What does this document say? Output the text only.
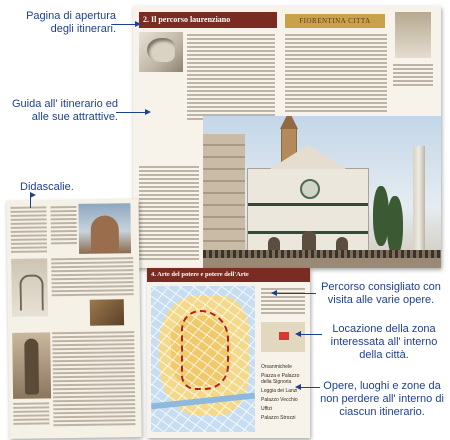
2. Il percorso laurenziano	FIORENTINA CITTA
4. Arte del potere e potere dell'Arte
Orsanmichele
Piazza e Palazzo della Signoria
Loggia dei Lanzi
Palazzo Vecchio
Uffizi
Palazzo Strozzi
Pagina di apertura degli itinerari.
Guida all' itinerario ed alle sue attrattive.
Didascalie.
Percorso consigliato con visita alle varie opere.
Locazione della zona interessata all' interno della città.
Opere, luoghi e zone da non perdere all' interno di ciascun itinerario.
